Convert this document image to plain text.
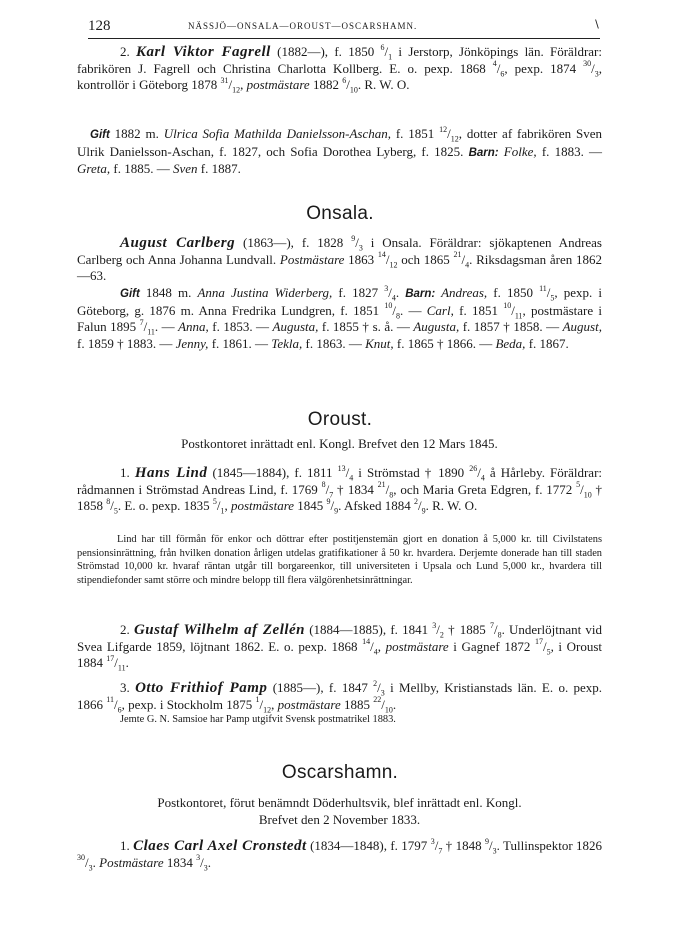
128	NÄSSJÖ—ONSALA—OROUST—OSCARSHAMN.	∖
2. Karl Viktor Fagrell (1882—), f. 1850 $^6/_1$ i Jerstorp, Jönköpings län. Föräldrar: fabrikören J. Fagrell och Christina Charlotta Kollberg. E. o. pexp. 1868 $^4/_6$, pexp. 1874 $^{30}/_3$, kontrollör i Göteborg 1878 $^{31}/_{12}$, postmästare 1882 $^6/_{10}$. R. W. O.
Gift 1882 m. Ulrica Sofia Mathilda Danielsson-Aschan, f. 1851 $^{12}/_{12}$, dotter af fabrikören Sven Ulrik Danielsson-Aschan, f. 1827, och Sofia Dorothea Lyberg, f. 1825. Barn: Folke, f. 1883. — Greta, f. 1885. — Sven f. 1887.
Onsala.
August Carlberg (1863—), f. 1828 $^9/_3$ i Onsala. Föräldrar: sjökaptenen Andreas Carlberg och Anna Johanna Lundvall. Postmästare 1863 $^{14}/_{12}$ och 1865 $^{21}/_4$. Riksdagsman åren 1862—63.
Gift 1848 m. Anna Justina Widerberg, f. 1827 $^3/_4$. Barn: Andreas, f. 1850 $^{11}/_5$, pexp. i Göteborg, g. 1876 m. Anna Fredrika Lundgren, f. 1851 $^{10}/_8$. — Carl, f. 1851 $^{10}/_{11}$, postmästare i Falun 1895 $^7/_{11}$. — Anna, f. 1853. — Augusta, f. 1855 † s. å. — Augusta, f. 1857 † 1858. — August, f. 1859 † 1883. — Jenny, f. 1861. — Tekla, f. 1863. — Knut, f. 1865 † 1866. — Beda, f. 1867.
Oroust.
Postkontoret inrättadt enl. Kongl. Brefvet den 12 Mars 1845.
1. Hans Lind (1845—1884), f. 1811 $^{13}/_4$ i Strömstad † 1890 $^{26}/_4$ å Hårleby. Föräldrar: rådmannen i Strömstad Andreas Lind, f. 1769 $^8/_7$ † 1834 $^{21}/_8$, och Maria Greta Edgren, f. 1772 $^5/_{10}$ † 1858 $^8/_5$. E. o. pexp. 1835 $^5/_1$, postmästare 1845 $^9/_9$. Afsked 1884 $^2/_9$. R. W. O.
Lind har till förmån för enkor och döttrar efter postitjenstemän gjort en donation å 5,000 kr. till Civilstatens pensionsinrättning, från hvilken donation årligen utdelas gratifikationer å 50 kr. hvardera. Derjemte donerade han till staden Strömstad 10,000 kr. hvaraf räntan utgår till borgareenkor, till universiteten i Upsala och Lund 5,000 kr., hvardera till stipendiefonder samt större och mindre belopp till flera välgörenhetsinrättningar.
2. Gustaf Wilhelm af Zellén (1884—1885), f. 1841 $^3/_2$ † 1885 $^7/_8$. Underlöjtnant vid Svea Lifgarde 1859, löjtnant 1862. E. o. pexp. 1868 $^{14}/_4$, postmästare i Gagnef 1872 $^{17}/_5$, i Oroust 1884 $^{17}/_{11}$.
3. Otto Frithiof Pamp (1885—), f. 1847 $^2/_3$ i Mellby, Kristianstads län. E. o. pexp. 1866 $^{11}/_6$, pexp. i Stockholm 1875 $^1/_{12}$, postmästare 1885 $^{22}/_{10}$.
Jemte G. N. Samsioe har Pamp utgifvit Svensk postmatrikel 1883.
Oscarshamn.
Postkontoret, förut benämndt Döderhultsvik, blef inrättadt enl. Kongl.
Brefvet den 2 November 1833.
1. Claes Carl Axel Cronstedt (1834—1848), f. 1797 $^3/_7$ † 1848 $^9/_3$. Tullinspektor 1826 $^{30}/_3$. Postmästare 1834 $^3/_3$.
